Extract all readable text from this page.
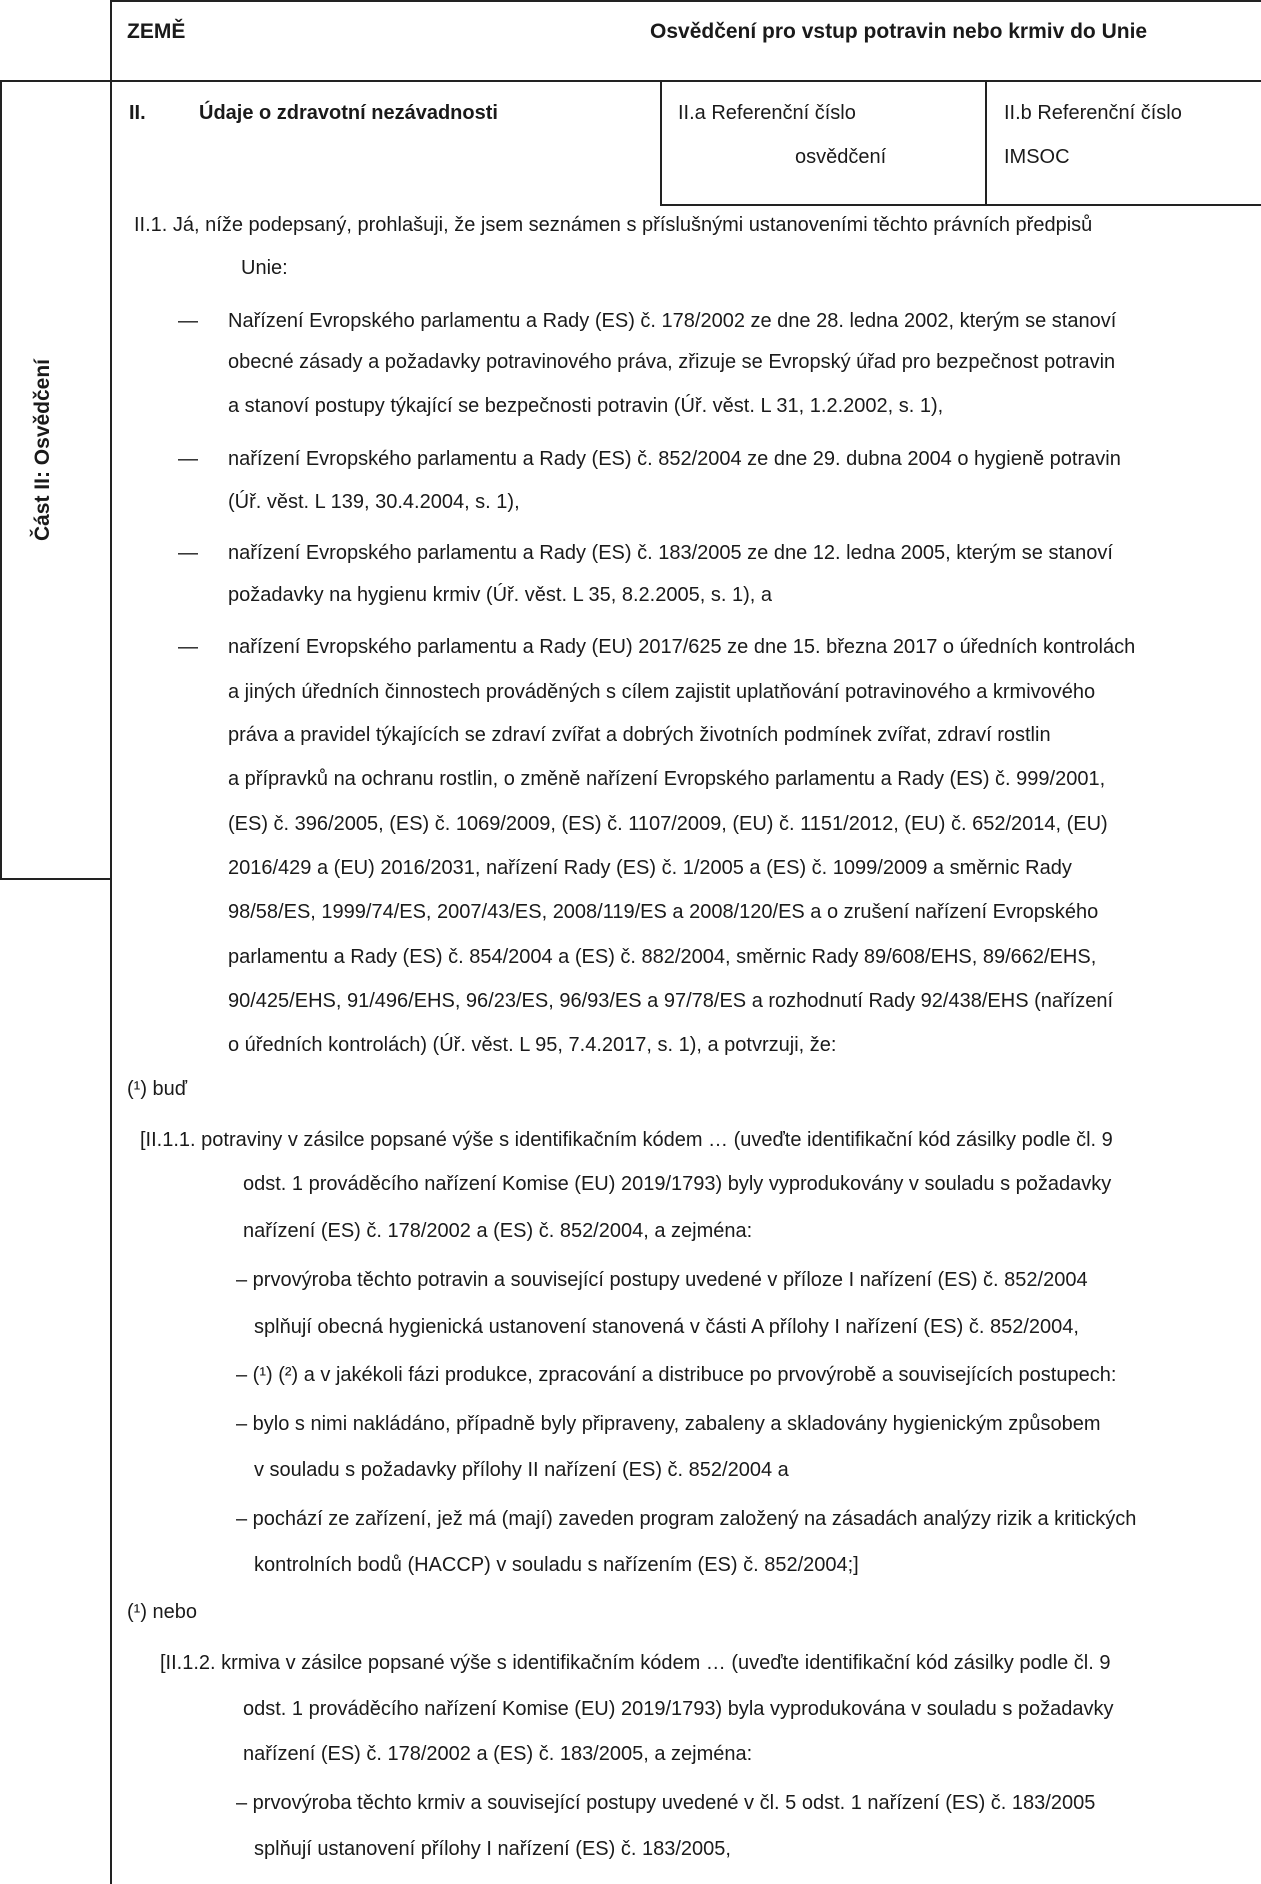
ZEMĚ	Osvědčení pro vstup potravin nebo krmiv do Unie
II.	Údaje o zdravotní nezávadnosti	II.a Referenční číslo
osvědčení
II.b Referenční číslo
IMSOC
Část II: Osvědčení
II.1. Já, níže podepsaný, prohlašuji, že jsem seznámen s příslušnými ustanoveními těchto právních předpisů
Unie:
— Nařízení Evropského parlamentu a Rady (ES) č. 178/2002 ze dne 28. ledna 2002, kterým se stanoví
obecné zásady a požadavky potravinového práva, zřizuje se Evropský úřad pro bezpečnost potravin
a stanoví postupy týkající se bezpečnosti potravin (Úř. věst. L 31, 1.2.2002, s. 1),
— nařízení Evropského parlamentu a Rady (ES) č. 852/2004 ze dne 29. dubna 2004 o hygieně potravin
(Úř. věst. L 139, 30.4.2004, s. 1),
— nařízení Evropského parlamentu a Rady (ES) č. 183/2005 ze dne 12. ledna 2005, kterým se stanoví
požadavky na hygienu krmiv (Úř. věst. L 35, 8.2.2005, s. 1), a
— nařízení Evropského parlamentu a Rady (EU) 2017/625 ze dne 15. března 2017 o úředních kontrolách
a jiných úředních činnostech prováděných s cílem zajistit uplatňování potravinového a krmivového
práva a pravidel týkajících se zdraví zvířat a dobrých životních podmínek zvířat, zdraví rostlin
a přípravků na ochranu rostlin, o změně nařízení Evropského parlamentu a Rady (ES) č. 999/2001,
(ES) č. 396/2005, (ES) č. 1069/2009, (ES) č. 1107/2009, (EU) č. 1151/2012, (EU) č. 652/2014, (EU)
2016/429 a (EU) 2016/2031, nařízení Rady (ES) č. 1/2005 a (ES) č. 1099/2009 a směrnic Rady
98/58/ES, 1999/74/ES, 2007/43/ES, 2008/119/ES a 2008/120/ES a o zrušení nařízení Evropského
parlamentu a Rady (ES) č. 854/2004 a (ES) č. 882/2004, směrnic Rady 89/608/EHS, 89/662/EHS,
90/425/EHS, 91/496/EHS, 96/23/ES, 96/93/ES a 97/78/ES a rozhodnutí Rady 92/438/EHS (nařízení
o úředních kontrolách) (Úř. věst. L 95, 7.4.2017, s. 1), a potvrzuji, že:
(¹) buď
[II.1.1. potraviny v zásilce popsané výše s identifikačním kódem … (uveďte identifikační kód zásilky podle čl. 9
odst. 1 prováděcího nařízení Komise (EU) 2019/1793) byly vyprodukovány v souladu s požadavky
nařízení (ES) č. 178/2002 a (ES) č. 852/2004, a zejména:
– prvovýroba těchto potravin a související postupy uvedené v příloze I nařízení (ES) č. 852/2004
splňují obecná hygienická ustanovení stanovená v části A přílohy I nařízení (ES) č. 852/2004,
– (¹) (²) a v jakékoli fázi produkce, zpracování a distribuce po prvovýrobě a souvisejících postupech:
– bylo s nimi nakládáno, případně byly připraveny, zabaleny a skladovány hygienickým způsobem
v souladu s požadavky přílohy II nařízení (ES) č. 852/2004 a
– pochází ze zařízení, jež má (mají) zaveden program založený na zásadách analýzy rizik a kritických
kontrolních bodů (HACCP) v souladu s nařízením (ES) č. 852/2004;]
(¹) nebo
[II.1.2. krmiva v zásilce popsané výše s identifikačním kódem … (uveďte identifikační kód zásilky podle čl. 9
odst. 1 prováděcího nařízení Komise (EU) 2019/1793) byla vyprodukována v souladu s požadavky
nařízení (ES) č. 178/2002 a (ES) č. 183/2005, a zejména:
– prvovýroba těchto krmiv a související postupy uvedené v čl. 5 odst. 1 nařízení (ES) č. 183/2005
splňují ustanovení přílohy I nařízení (ES) č. 183/2005,
